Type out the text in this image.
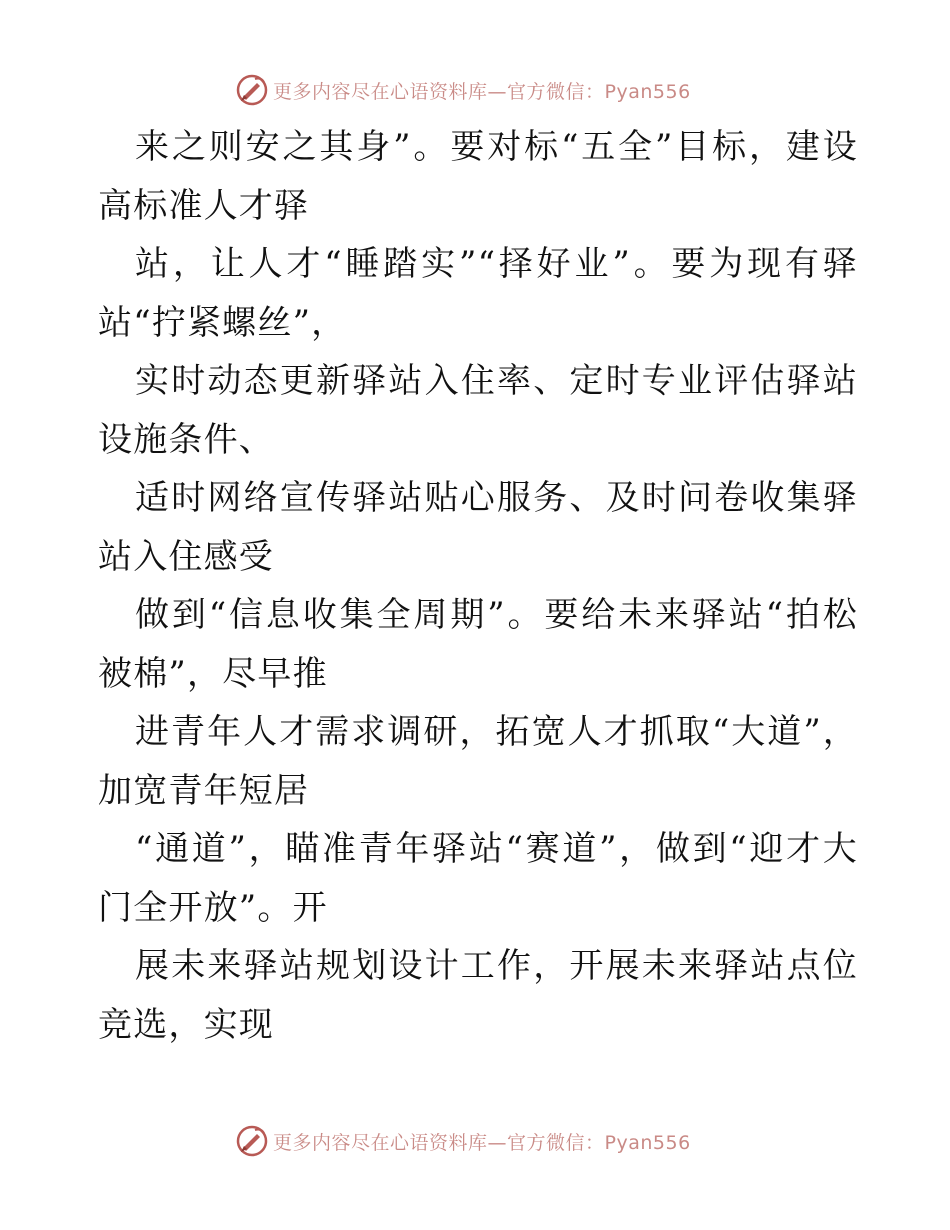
更多内容尽在心语资料库—官方微信：Pyan556

来之则安之其身”。要对标“五全”目标，建设高标准人才驿

站，让人才“睡踏实”“择好业”。要为现有驿站“拧紧螺丝”，

实时动态更新驿站入住率、定时专业评估驿站设施条件、

适时网络宣传驿站贴心服务、及时问卷收集驿站入住感受

做到“信息收集全周期”。要给未来驿站“拍松被棉”，尽早推

进青年人才需求调研，拓宽人才抓取“大道”，加宽青年短居

“通道”，瞄准青年驿站“赛道”，做到“迎才大门全开放”。开

展未来驿站规划设计工作，开展未来驿站点位竞选，实现

更多内容尽在心语资料库—官方微信：Pyan556
